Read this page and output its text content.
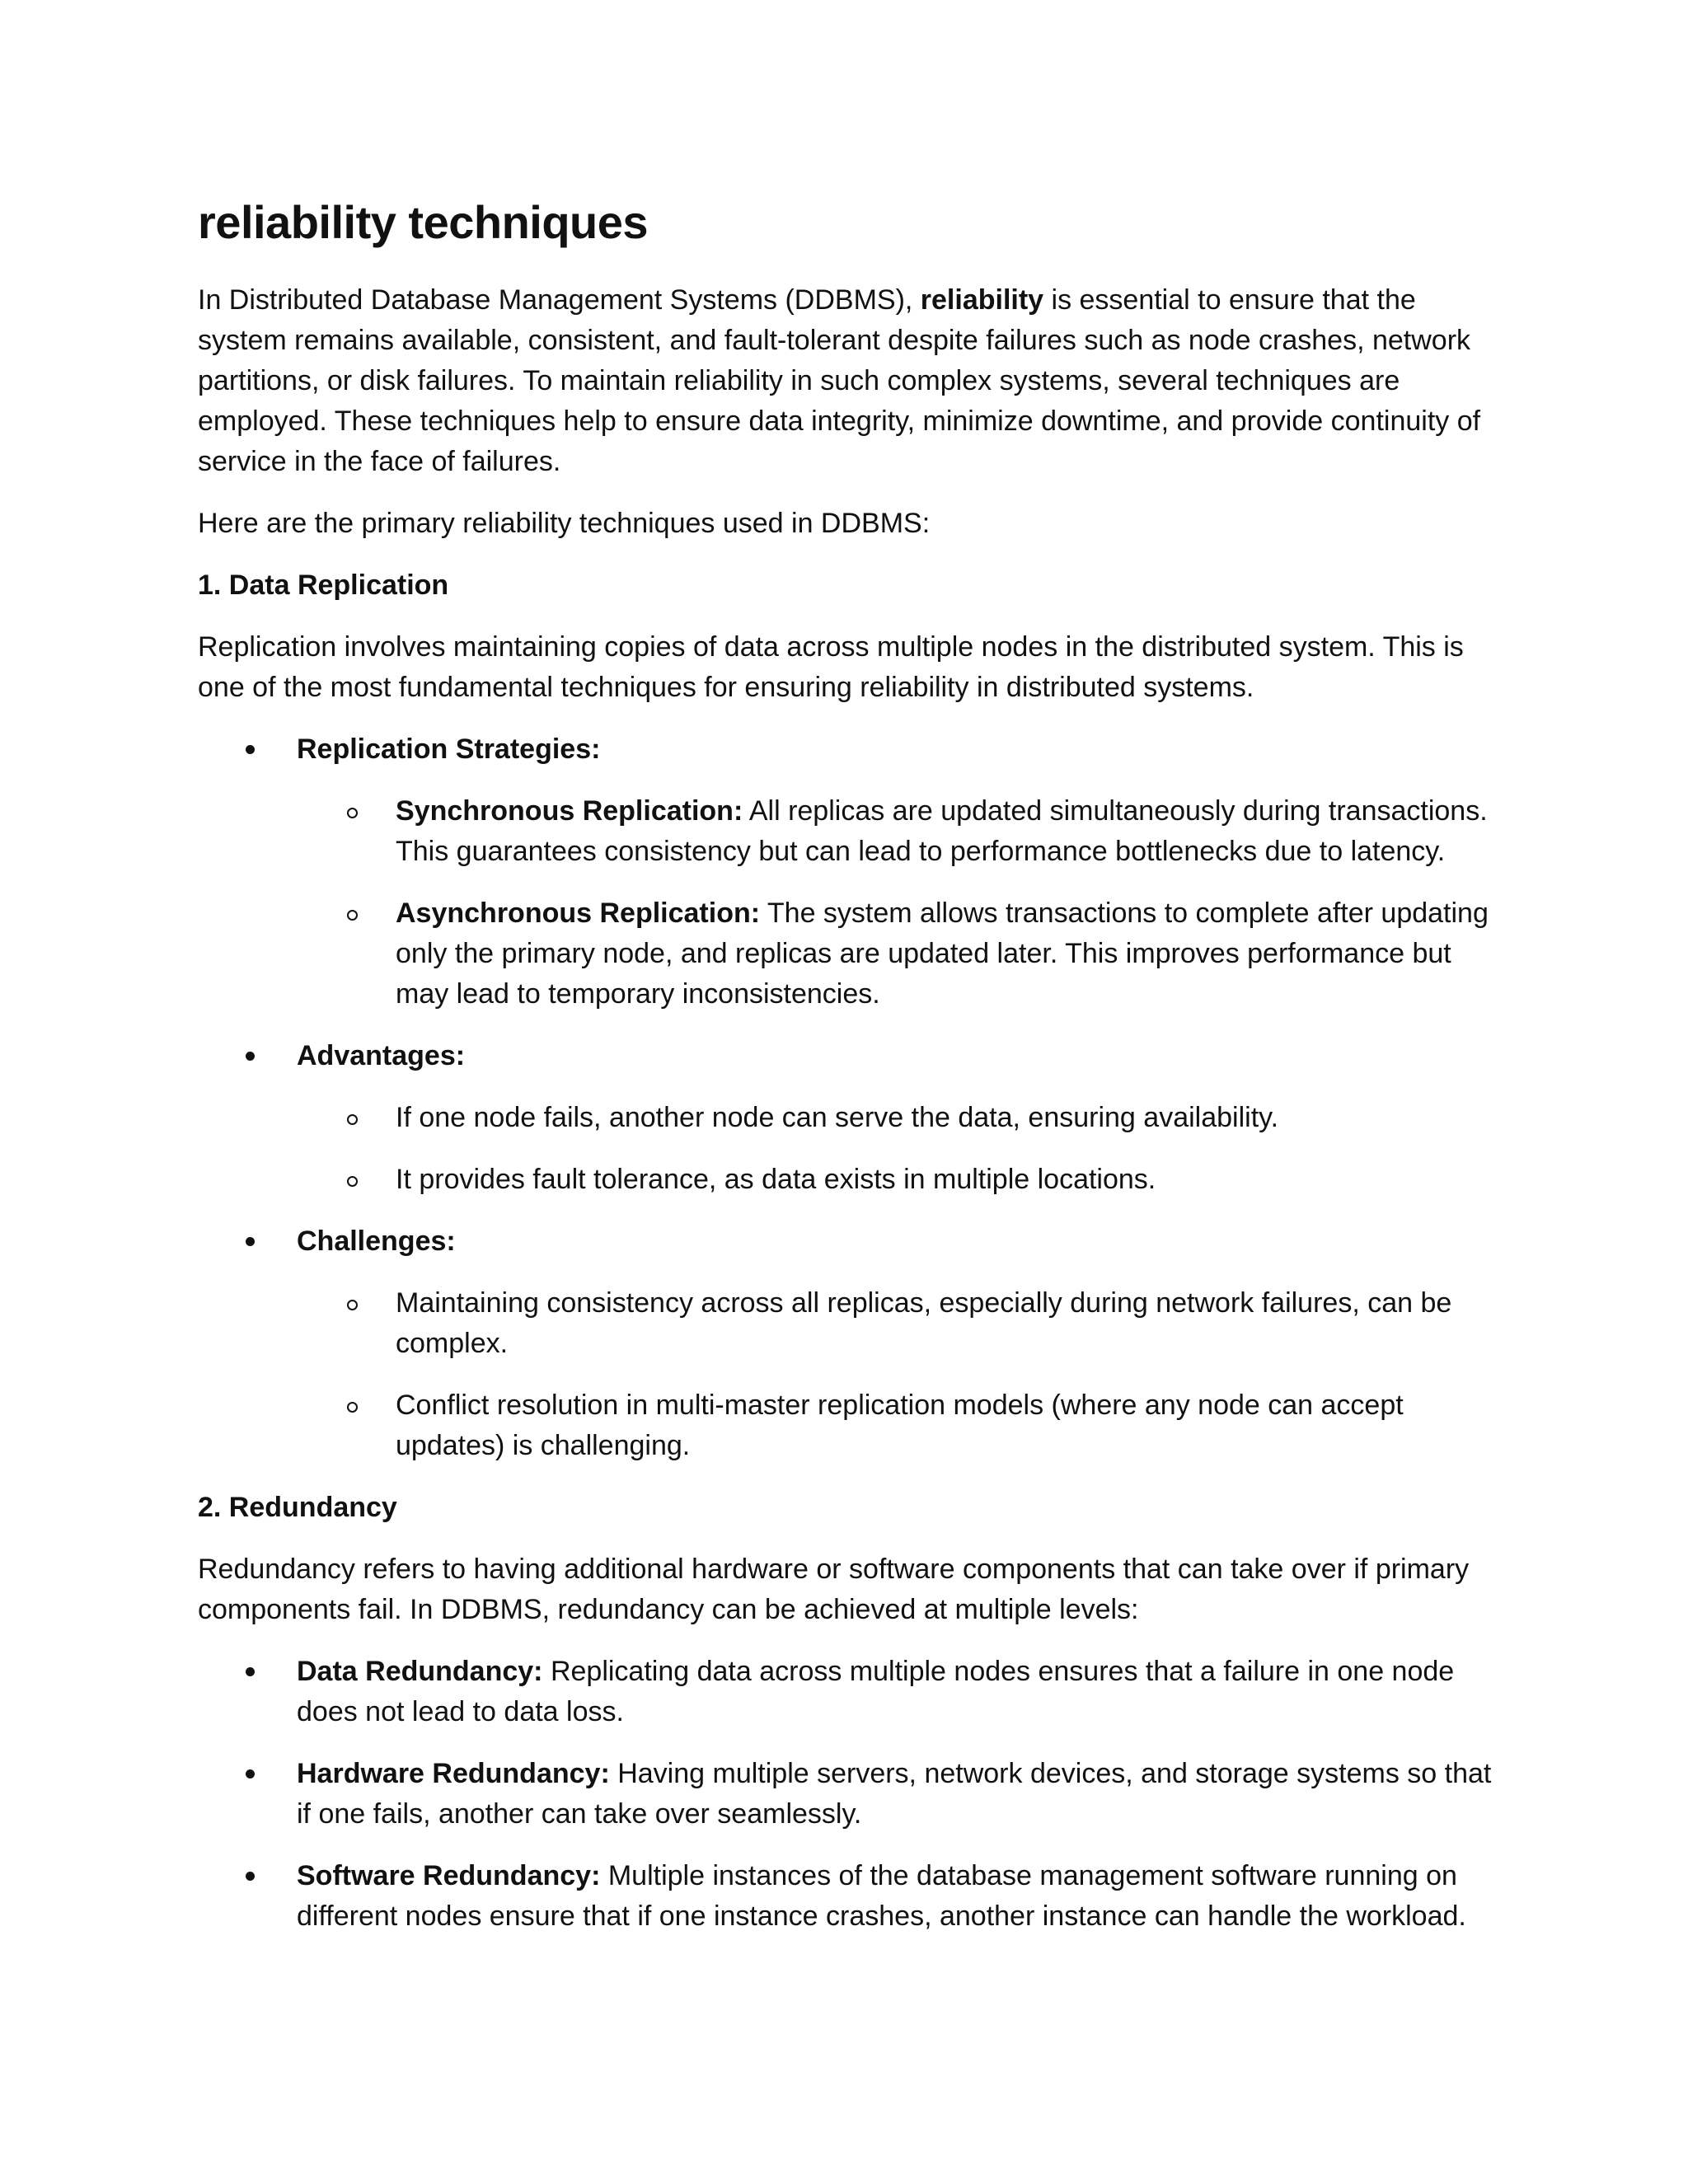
reliability techniques

In Distributed Database Management Systems (DDBMS), reliability is essential to ensure that the system remains available, consistent, and fault-tolerant despite failures such as node crashes, network partitions, or disk failures. To maintain reliability in such complex systems, several techniques are employed. These techniques help to ensure data integrity, minimize downtime, and provide continuity of service in the face of failures.

Here are the primary reliability techniques used in DDBMS:

1. Data Replication

Replication involves maintaining copies of data across multiple nodes in the distributed system. This is one of the most fundamental techniques for ensuring reliability in distributed systems.

Replication Strategies:
Synchronous Replication: All replicas are updated simultaneously during transactions. This guarantees consistency but can lead to performance bottlenecks due to latency.
Asynchronous Replication: The system allows transactions to complete after updating only the primary node, and replicas are updated later. This improves performance but may lead to temporary inconsistencies.
Advantages:
If one node fails, another node can serve the data, ensuring availability.
It provides fault tolerance, as data exists in multiple locations.
Challenges:
Maintaining consistency across all replicas, especially during network failures, can be complex.
Conflict resolution in multi-master replication models (where any node can accept updates) is challenging.

2. Redundancy

Redundancy refers to having additional hardware or software components that can take over if primary components fail. In DDBMS, redundancy can be achieved at multiple levels:

Data Redundancy: Replicating data across multiple nodes ensures that a failure in one node does not lead to data loss.
Hardware Redundancy: Having multiple servers, network devices, and storage systems so that if one fails, another can take over seamlessly.
Software Redundancy: Multiple instances of the database management software running on different nodes ensure that if one instance crashes, another instance can handle the workload.
